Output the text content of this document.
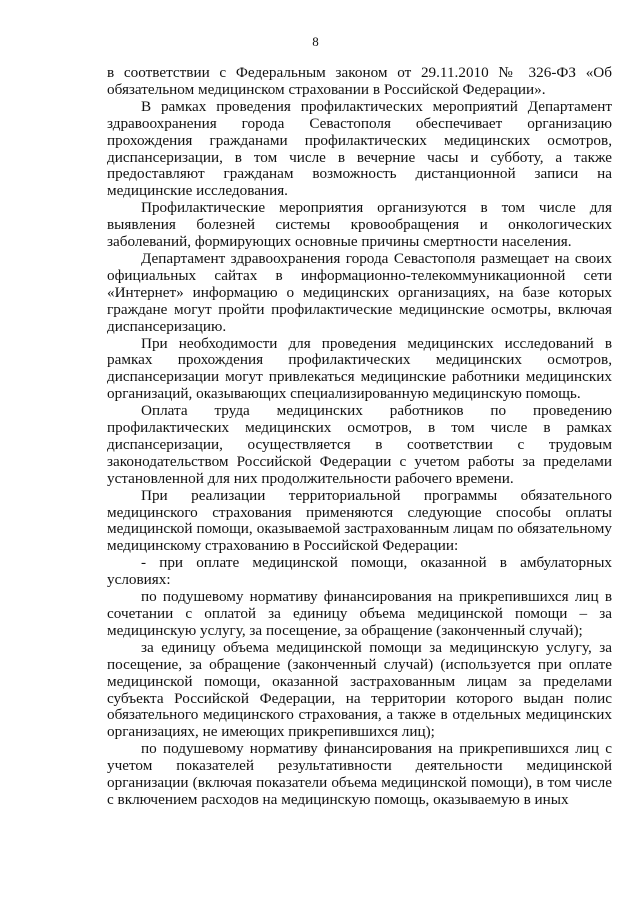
8

в соответствии с Федеральным законом от 29.11.2010 № 326-ФЗ «Об обязательном медицинском страховании в Российской Федерации».

В рамках проведения профилактических мероприятий Департамент здравоохранения города Севастополя обеспечивает организацию прохождения гражданами профилактических медицинских осмотров, диспансеризации, в том числе в вечерние часы и субботу, а также предоставляют гражданам возможность дистанционной записи на медицинские исследования.

Профилактические мероприятия организуются в том числе для выявления болезней системы кровообращения и онкологических заболеваний, формирующих основные причины смертности населения.

Департамент здравоохранения города Севастополя размещает на своих официальных сайтах в информационно-телекоммуникационной сети «Интернет» информацию о медицинских организациях, на базе которых граждане могут пройти профилактические медицинские осмотры, включая диспансеризацию.

При необходимости для проведения медицинских исследований в рамках прохождения профилактических медицинских осмотров, диспансеризации могут привлекаться медицинские работники медицинских организаций, оказывающих специализированную медицинскую помощь.

Оплата труда медицинских работников по проведению профилактических медицинских осмотров, в том числе в рамках диспансеризации, осуществляется в соответствии с трудовым законодательством Российской Федерации с учетом работы за пределами установленной для них продолжительности рабочего времени.

При реализации территориальной программы обязательного медицинского страхования применяются следующие способы оплаты медицинской помощи, оказываемой застрахованным лицам по обязательному медицинскому страхованию в Российской Федерации:

- при оплате медицинской помощи, оказанной в амбулаторных условиях:

по подушевому нормативу финансирования на прикрепившихся лиц в сочетании с оплатой за единицу объема медицинской помощи – за медицинскую услугу, за посещение, за обращение (законченный случай);

за единицу объема медицинской помощи за медицинскую услугу, за посещение, за обращение (законченный случай) (используется при оплате медицинской помощи, оказанной застрахованным лицам за пределами субъекта Российской Федерации, на территории которого выдан полис обязательного медицинского страхования, а также в отдельных медицинских организациях, не имеющих прикрепившихся лиц);

по подушевому нормативу финансирования на прикрепившихся лиц с учетом показателей результативности деятельности медицинской организации (включая показатели объема медицинской помощи), в том числе с включением расходов на медицинскую помощь, оказываемую в иных
